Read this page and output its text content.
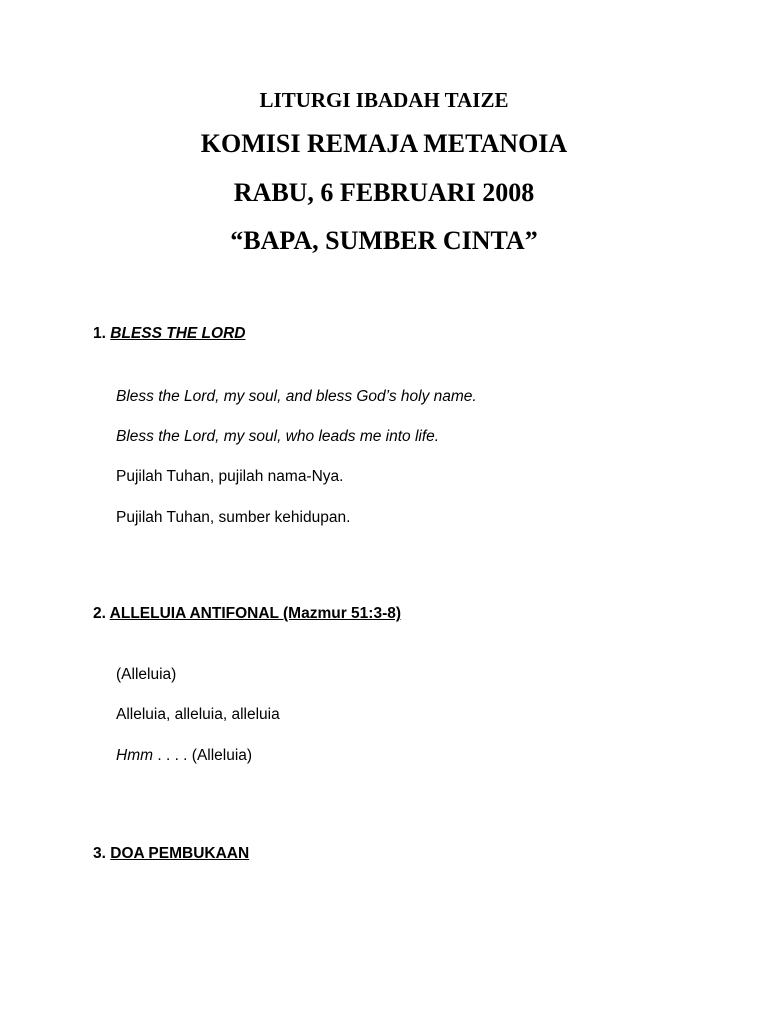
LITURGI IBADAH TAIZE
KOMISI REMAJA METANOIA
RABU, 6 FEBRUARI 2008
“BAPA, SUMBER CINTA”
1. BLESS THE LORD
Bless the Lord, my soul, and bless God’s holy name.
Bless the Lord, my soul, who leads me into life.
Pujilah Tuhan, pujilah nama-Nya.
Pujilah Tuhan, sumber kehidupan.
2. ALLELUIA ANTIFONAL (Mazmur 51:3-8)
(Alleluia)
Alleluia, alleluia, alleluia
Hmm . . . . (Alleluia)
3. DOA PEMBUKAAN
